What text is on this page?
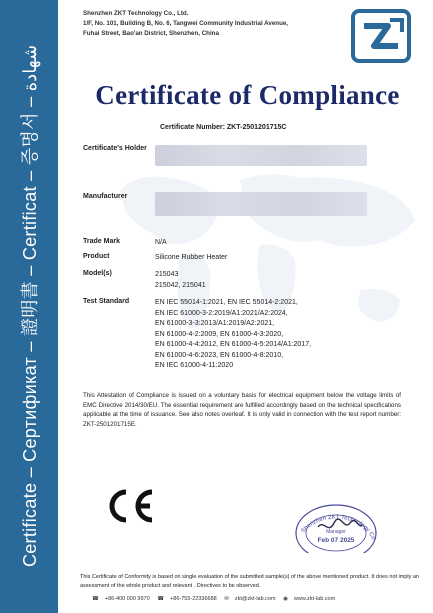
Certificate – Сертификат – 證明書 – Certificat – 증명서 – شهادة
Shenzhen ZKT Technology Co., Ltd.
1/F, No. 101, Building B, No. 6, Tangwei Community Industrial Avenue,
Fuhai Street, Bao'an District, Shenzhen, China
Certificate of Compliance
Certificate Number: ZKT-2501201715C
Certificate's Holder
Manufacturer
Trade Mark	N/A
Product	Silicone Rubber Heater
Model(s)	215043
215042, 215041
Test Standard	EN IEC 55014-1:2021, EN IEC 55014-2:2021,
EN IEC 61000-3-2:2019/A1:2021/A2:2024,
EN 61000-3-3:2013/A1:2019/A2:2021,
EN 61000-4-2:2009, EN 61000-4-3:2020,
EN 61000-4-4:2012, EN 61000-4-5:2014/A1:2017,
EN 61000-4-6:2023, EN 61000-4-8:2010,
EN IEC 61000-4-11:2020
This Attestation of Compliance is issued on a voluntary basis for electrical equipment below the voltage limits of EMC Directive 2014/30/EU. The essential requirement are fulfilled accordingly based on the technical specifications applicable at the time of issuance. See also notes overleaf. It is only valid in connection with the test report number: ZKT-2501201715E.
Shenzhen ZKT Technology Co
Feb 07 2025
Manager
This Certificate of Conformity is based on single evaluation of the submitted sample(s) of the above mentioned product. It does not imply an assessment of the whole product and relevant . Directives to be observed.
☎ +86-400 000 9970 ☎ +86-755-22336688 ✉ zkt@zkt-lab.com ◉ www.zkt-lab.com
